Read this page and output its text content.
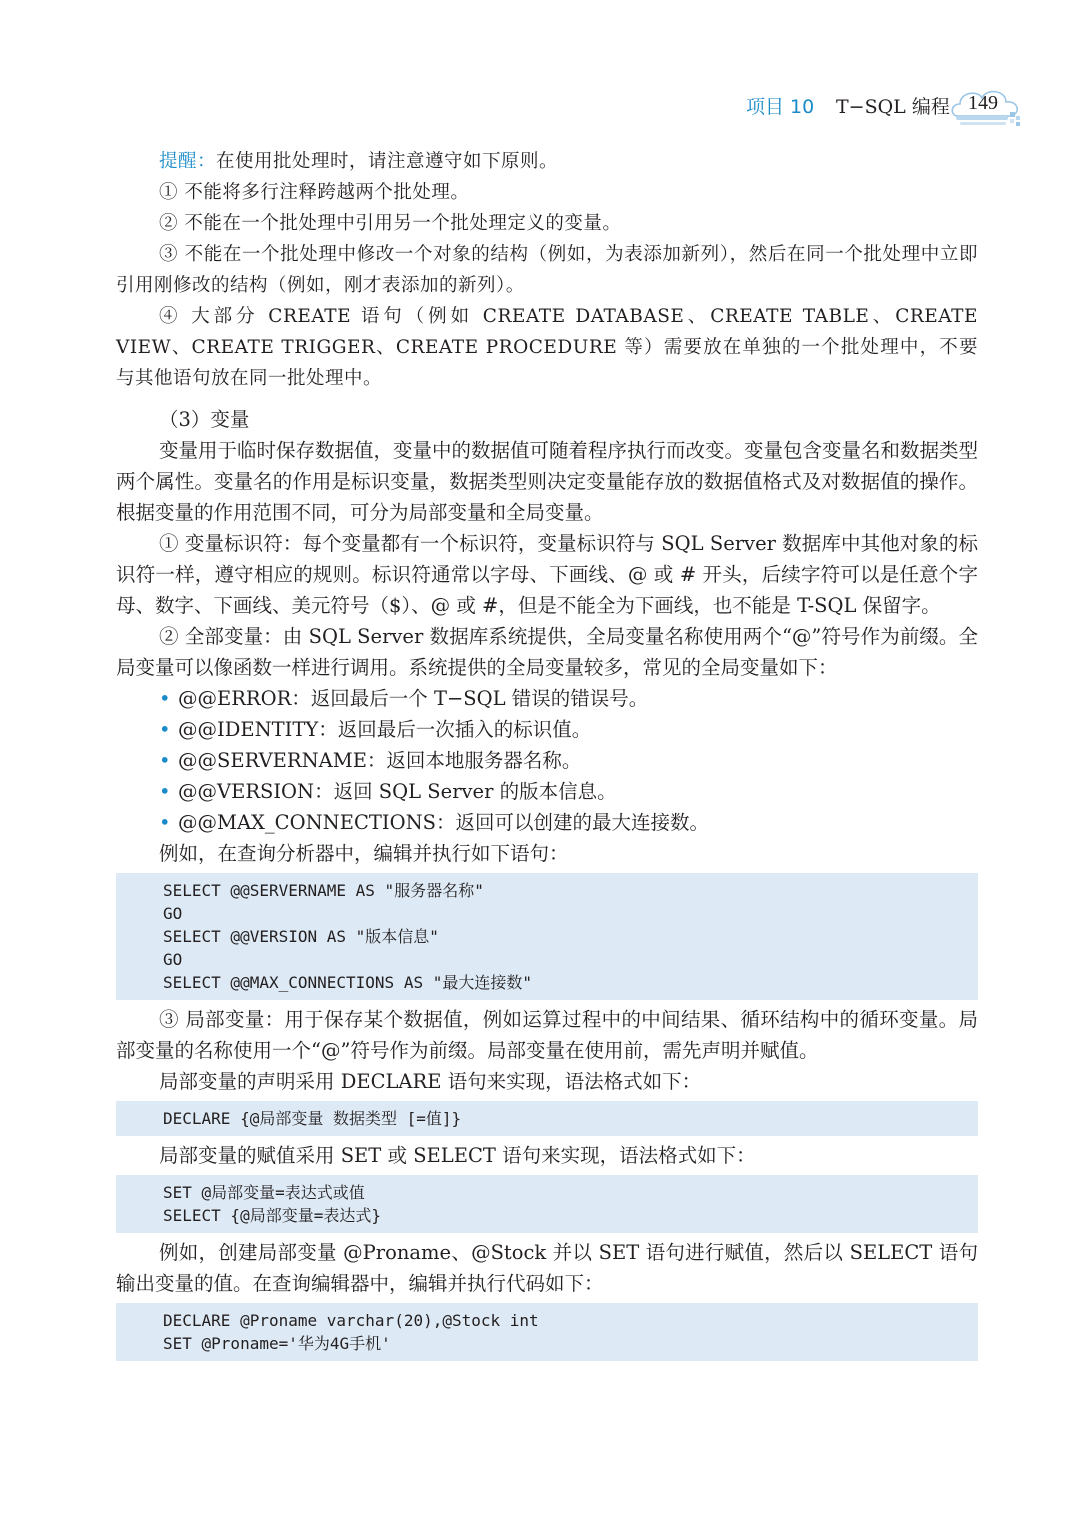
项目 10 T−SQL 编程 149

提醒：在使用批处理时，请注意遵守如下原则。

① 不能将多行注释跨越两个批处理。

② 不能在一个批处理中引用另一个批处理定义的变量。

③ 不能在一个批处理中修改一个对象的结构（例如，为表添加新列），然后在同一个批处理中立即引用刚修改的结构（例如，刚才表添加的新列）。

④ 大部分 CREATE 语句（例如 CREATE DATABASE、CREATE TABLE、CREATE VIEW、CREATE TRIGGER、CREATE PROCEDURE 等）需要放在单独的一个批处理中，不要与其他语句放在同一批处理中。

（3）变量

变量用于临时保存数据值，变量中的数据值可随着程序执行而改变。变量包含变量名和数据类型两个属性。变量名的作用是标识变量，数据类型则决定变量能存放的数据值格式及对数据值的操作。根据变量的作用范围不同，可分为局部变量和全局变量。

① 变量标识符：每个变量都有一个标识符，变量标识符与 SQL Server 数据库中其他对象的标识符一样，遵守相应的规则。标识符通常以字母、下画线、@ 或 # 开头，后续字符可以是任意个字母、数字、下画线、美元符号（$）、@ 或 #，但是不能全为下画线，也不能是 T-SQL 保留字。

② 全部变量：由 SQL Server 数据库系统提供，全局变量名称使用两个“@”符号作为前缀。全局变量可以像函数一样进行调用。系统提供的全局变量较多，常见的全局变量如下：

• @@ERROR：返回最后一个 T−SQL 错误的错误号。
• @@IDENTITY：返回最后一次插入的标识值。
• @@SERVERNAME：返回本地服务器名称。
• @@VERSION：返回 SQL Server 的版本信息。
• @@MAX_CONNECTIONS：返回可以创建的最大连接数。

例如，在查询分析器中，编辑并执行如下语句：

SELECT @@SERVERNAME AS "服务器名称"
GO
SELECT @@VERSION AS "版本信息"
GO
SELECT @@MAX_CONNECTIONS AS "最大连接数"

③ 局部变量：用于保存某个数据值，例如运算过程中的中间结果、循环结构中的循环变量。局部变量的名称使用一个“@”符号作为前缀。局部变量在使用前，需先声明并赋值。

局部变量的声明采用 DECLARE 语句来实现，语法格式如下：

DECLARE {@局部变量 数据类型 [=值]}

局部变量的赋值采用 SET 或 SELECT 语句来实现，语法格式如下：

SET @局部变量=表达式或值
SELECT {@局部变量=表达式}

例如，创建局部变量 @Proname、@Stock 并以 SET 语句进行赋值，然后以 SELECT 语句输出变量的值。在查询编辑器中，编辑并执行代码如下：

DECLARE @Proname varchar(20),@Stock int
SET @Proname='华为4G手机'
